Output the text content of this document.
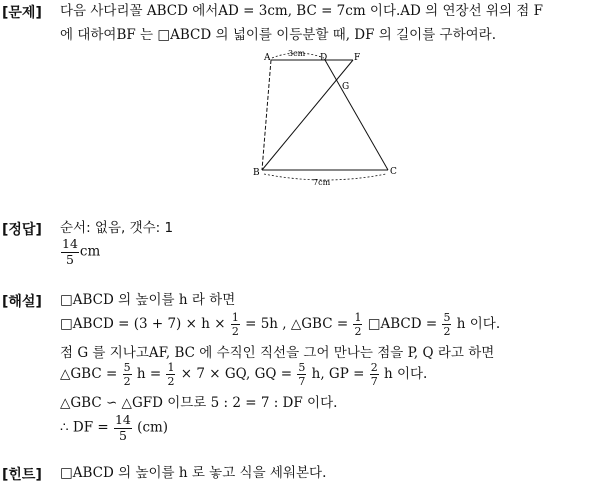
[문제] 다음 사다리꼴 ABCD 에서AD = 3cm, BC = 7cm 이다.AD 의 연장선 위의 점 F
에 대하여BF 는 □ABCD 의 넓이를 이등분할 때, DF 의 길이를 구하여라.
A	D	F
G
B	C
3cm
7cm
[정답] 순서: 없음, 갯수: 1
$\frac{14}{5}$ cm
[해설] □ABCD 의 높이를 h 라 하면
□ABCD = $(3 + 7) \times h \times \frac{1}{2} = 5h$ , △GBC = $\frac{1}{2}$ □ABCD = $\frac{5}{2}$ h 이다.
점 G 를 지나고AF, BC 에 수직인 직선을 그어 만나는 점을 P, Q 라고 하면
△GBC = $\frac{5}{2}$ $h = \frac{1}{2} \times 7$ × GQ, GQ = $\frac{5}{7} h$, GP = $\frac{2}{7}$ h 이다.
△GBC ∽ △GFD 이므로 5 : 2 = 7 : DF 이다.
∴ DF = $\frac{14}{5} (cm)$
[힌트] □ABCD 의 높이를 h 로 놓고 식을 세워본다.
